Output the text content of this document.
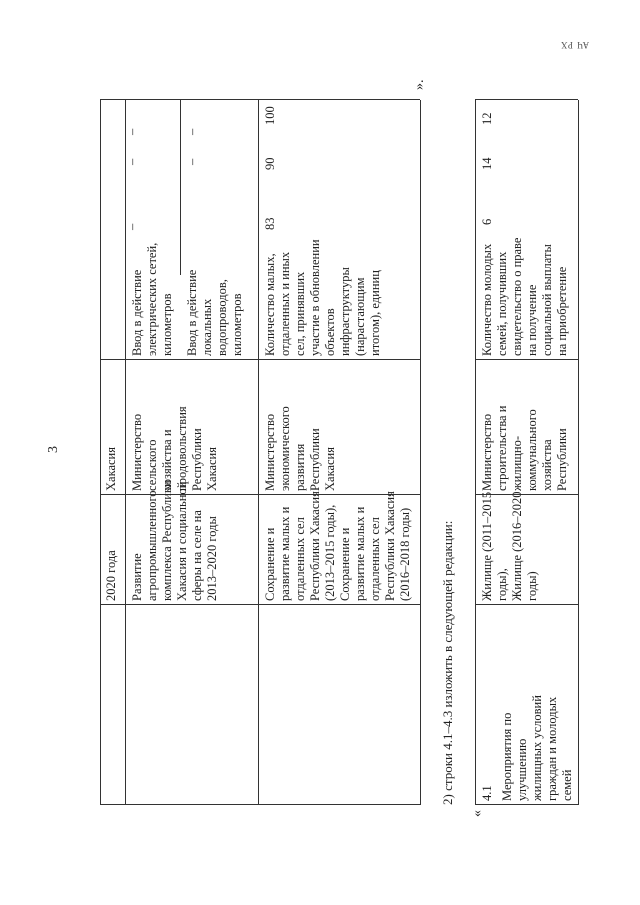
АЧ РХ
3
2020 года
Хакасия
Развитие
агропромышленного
комплекса Республики
Хакасия и социальной
сферы на селе на
2013–2020 годы
Министерство
сельского
хозяйства и
продовольствия
Республики
Хакасия
Ввод в действие
электрических сетей,
километров Ввод в действие
локальных
водопроводов,
километров
–
–
–
–
–
Сохранение и
развитие малых и
отдаленных сел
Республики Хакасия
(2013–2015 годы),
Сохранение и
развитие малых и
отдаленных сел
Республики Хакасия
(2016–2018 годы)
Министерство
экономического
развития
Республики
Хакасия
Количество малых,
отдаленных и иных
сел, принявших
участие в обновлении
объектов
инфраструктуры
(нарастающим
итогом), единиц
83
90
100
».
2) строки 4.1–4.3 изложить в следующей редакции:
«
4.1 Мероприятия по
улучшению
жилищных условий
граждан и молодых
семей
Жилище (2011–2015
годы),
Жилище (2016–2020
годы)
Министерство
строительства и
жилищно-
коммунального
хозяйства
Республики
Количество молодых
семей, получивших
свидетельство о праве
на получение
социальной выплаты
на приобретение
6
14
12
